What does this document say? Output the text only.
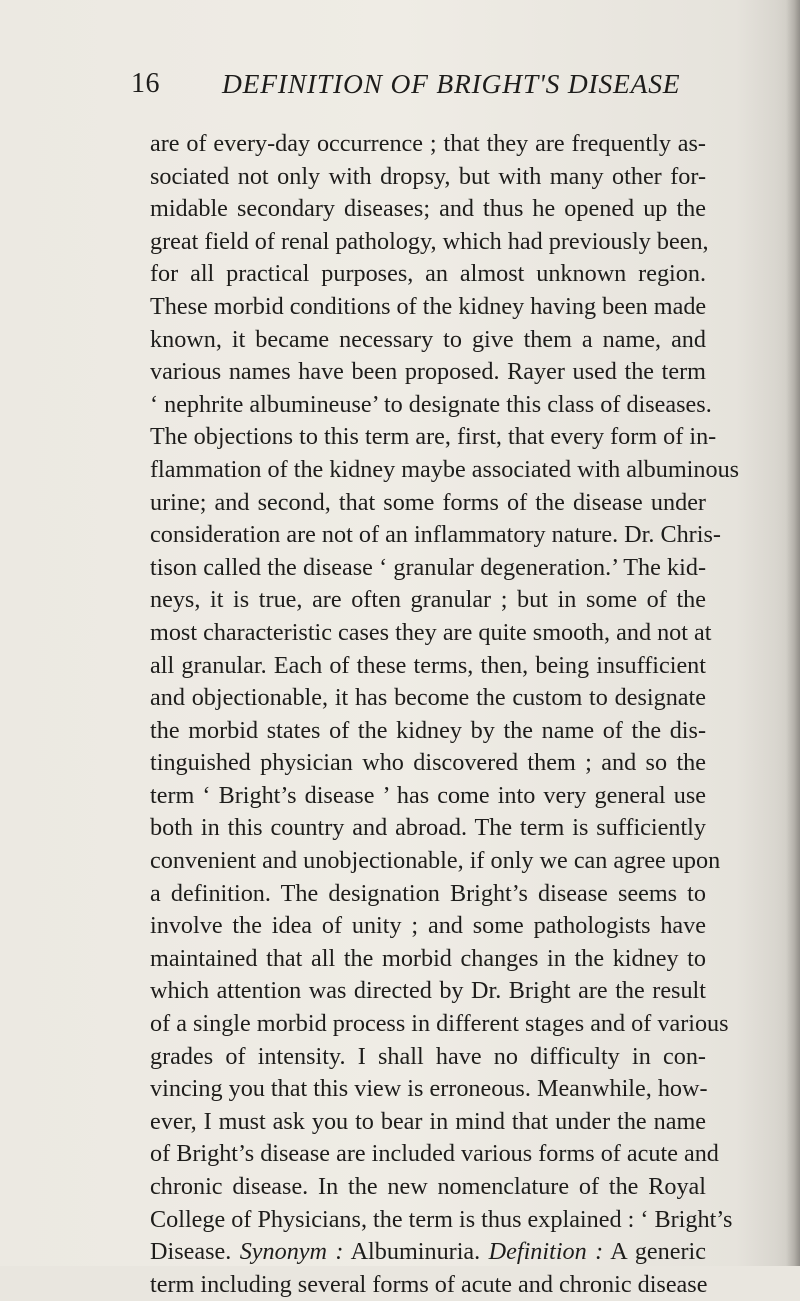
16 DEFINITION OF BRIGHT'S DISEASE
are of every-day occurrence ; that they are frequently as-
sociated not only with dropsy, but with many other for-
midable secondary diseases; and thus he opened up the
great field of renal pathology, which had previously been,
for all practical purposes, an almost unknown region.
These morbid conditions of the kidney having been made
known, it became necessary to give them a name, and
various names have been proposed. Rayer used the term
‘ nephrite albumineuse’ to designate this class of diseases.
The objections to this term are, first, that every form of in-
flammation of the kidney maybe associated with albuminous
urine; and second, that some forms of the disease under
consideration are not of an inflammatory nature. Dr. Chris-
tison called the disease ‘ granular degeneration.’ The kid-
neys, it is true, are often granular ; but in some of the
most characteristic cases they are quite smooth, and not at
all granular. Each of these terms, then, being insufficient
and objectionable, it has become the custom to designate
the morbid states of the kidney by the name of the dis-
tinguished physician who discovered them ; and so the
term ‘ Bright’s disease ’ has come into very general use
both in this country and abroad. The term is sufficiently
convenient and unobjectionable, if only we can agree upon
a definition. The designation Bright’s disease seems to
involve the idea of unity ; and some pathologists have
maintained that all the morbid changes in the kidney to
which attention was directed by Dr. Bright are the result
of a single morbid process in different stages and of various
grades of intensity. I shall have no difficulty in con-
vincing you that this view is erroneous. Meanwhile, how-
ever, I must ask you to bear in mind that under the name
of Bright’s disease are included various forms of acute and
chronic disease. In the new nomenclature of the Royal
College of Physicians, the term is thus explained : ‘ Bright’s
Disease. Synonym : Albuminuria. Definition : A generic
term including several forms of acute and chronic disease
